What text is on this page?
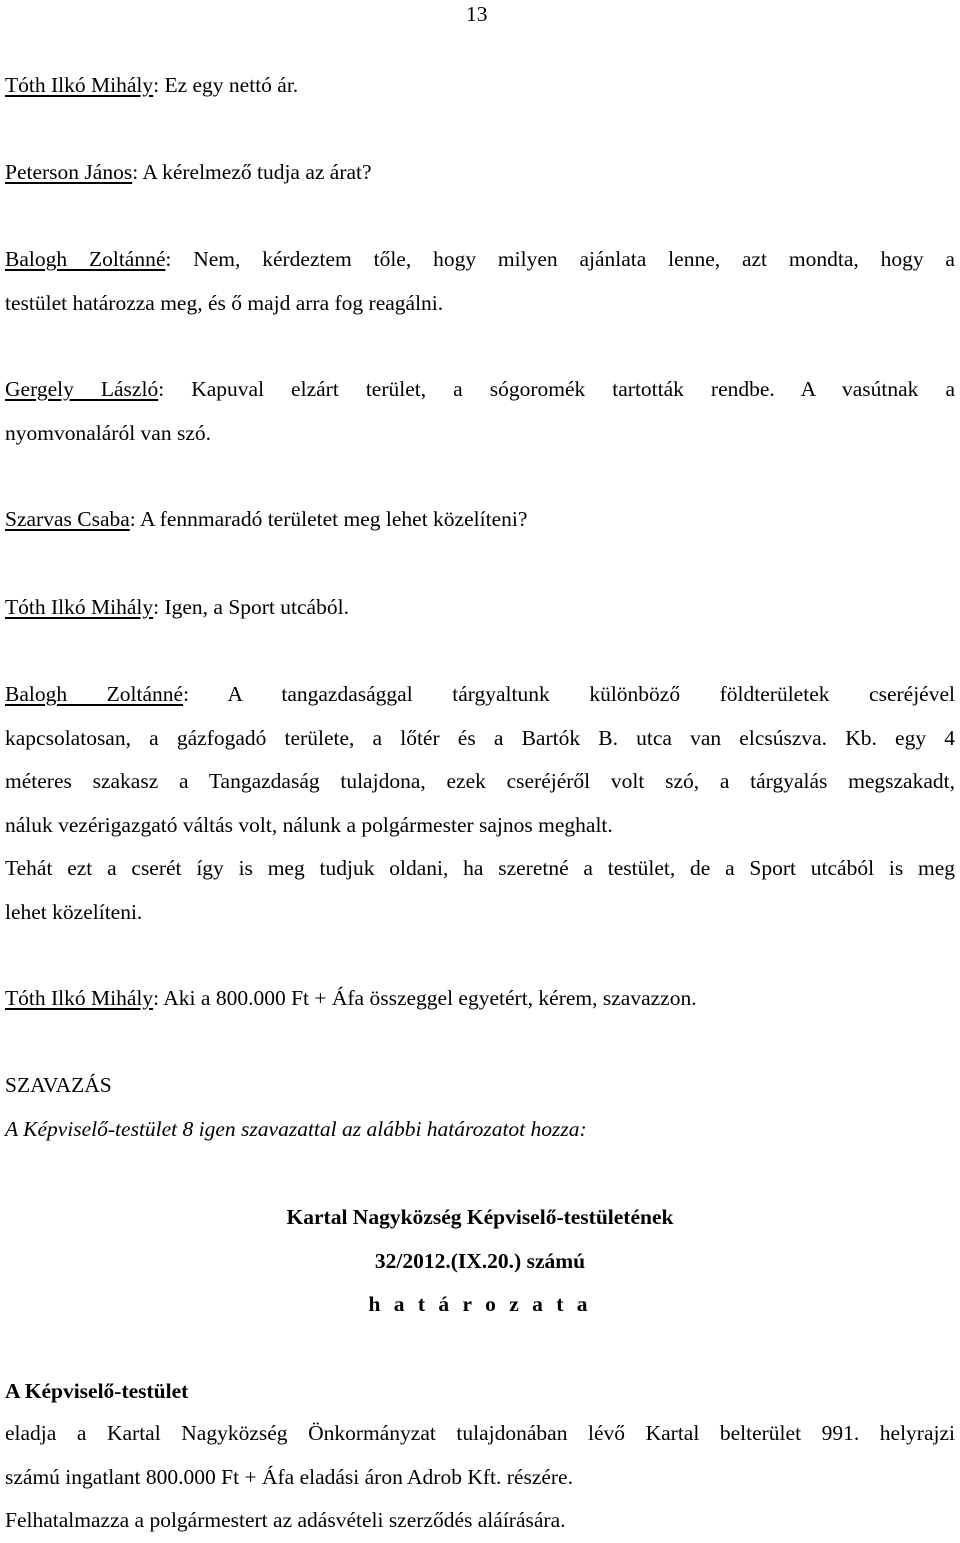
13
Tóth Ilkó Mihály: Ez egy nettó ár.
Peterson János: A kérelmező tudja az árat?
Balogh Zoltánné: Nem, kérdeztem tőle, hogy milyen ajánlata lenne, azt mondta, hogy a
testület határozza meg, és ő majd arra fog reagálni.
Gergely László: Kapuval elzárt terület, a sógoromék tartották rendbe. A vasútnak a
nyomvonaláról van szó.
Szarvas Csaba: A fennmaradó területet meg lehet közelíteni?
Tóth Ilkó Mihály: Igen, a Sport utcából.
Balogh Zoltánné: A tangazdasággal tárgyaltunk különböző földterületek cseréjével
kapcsolatosan, a gázfogadó területe, a lőtér és a Bartók B. utca van elcsúszva. Kb. egy 4
méteres szakasz a Tangazdaság tulajdona, ezek cseréjéről volt szó, a tárgyalás megszakadt,
náluk vezérigazgató váltás volt, nálunk a polgármester sajnos meghalt.
Tehát ezt a cserét így is meg tudjuk oldani, ha szeretné a testület, de a Sport utcából is meg
lehet közelíteni.
Tóth Ilkó Mihály: Aki a 800.000 Ft + Áfa összeggel egyetért, kérem, szavazzon.
SZAVAZÁS
A Képviselő-testület 8 igen szavazattal az alábbi határozatot hozza:
Kartal Nagyközség Képviselő-testületének
32/2012.(IX.20.) számú
h a t á r o z a t a
A Képviselő-testület
eladja a Kartal Nagyközség Önkormányzat tulajdonában lévő Kartal belterület 991. helyrajzi
számú ingatlant 800.000 Ft + Áfa eladási áron Adrob Kft. részére.
Felhatalmazza a polgármestert az adásvételi szerződés aláírására.
